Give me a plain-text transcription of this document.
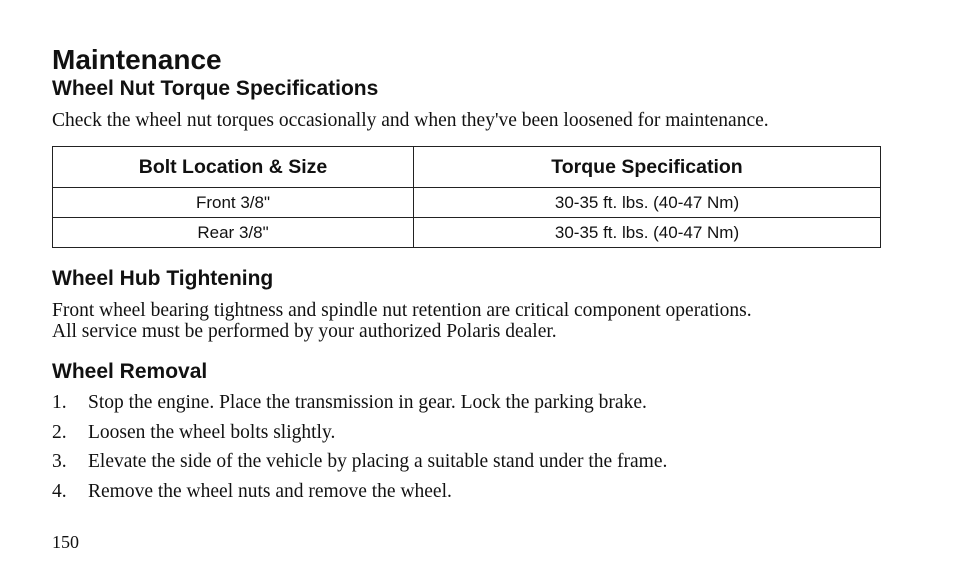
Maintenance
Wheel Nut Torque Specifications

Check the wheel nut torques occasionally and when they've been loosened for maintenance.

Bolt Location & Size	Torque Specification
Front 3/8"	30-35 ft. lbs. (40-47 Nm)
Rear 3/8"	30-35 ft. lbs. (40-47 Nm)
Wheel Hub Tightening

Front wheel bearing tightness and spindle nut retention are critical component operations.

All service must be performed by your authorized Polaris dealer.

Wheel Removal
1.	Stop the engine. Place the transmission in gear. Lock the parking brake.
2.	Loosen the wheel bolts slightly.
3.	Elevate the side of the vehicle by placing a suitable stand under the frame.
4.	Remove the wheel nuts and remove the wheel.
150
